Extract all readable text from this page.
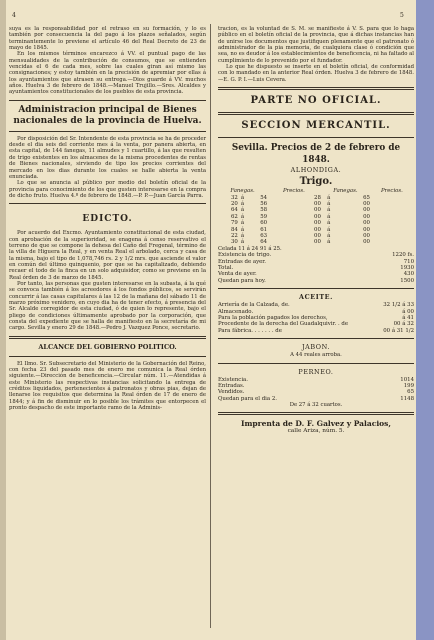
4	5

suya es la responsabilidad por el retraso en su formación, y lo es también por consecuencia la del pago á los plazos señalados, según terminantemente lo previene el artículo 46 del Real Decreto de 23 de mayo de 1845.

En los mismos términos encarezco á VV. el puntual pago de las mensualidades de la contribución de consumos, que se entienden vencidas el 6 de cada mes, sobre las cuales giran así mismo las consignaciones; y estoy también en la precisión de apremiar por ellas á los ayuntamientos que atrasen su entrega.—Dios guarde á VV. muchos años. Huelva 3 de febrero de 1848.—Manuel Trujillo.—Sres. Alcaldes y ayuntamientos constitucionales de los pueblos de esta provincia.

Administracion principal de Bienes nacionales de la provincia de Huelva.

Por disposición del Sr. Intendente de esta provincia se ha de proceder desde el dia seis del corriente mes á la venta, por panera abierta, en esta capital, de 144 fanegas, 11 almudes y 1 cuartillo, á las que resulten de trigo existentes en los almacenes de la misma procedentes de rentas de Bienes nacionales, sirviendo de tipo los precios corrientes del mercado en los dias durante los cuales se halle abierta la venta enunciada.

Lo que se anuncia al público por medio del boletín oficial de la provincia para conocimiento de los que gusten interesarse en la compra de dicho fruto. Huelva 4.º de febrero de 1848.—P. P.—Juan García Parra.

EDICTO.

Por acuerdo del Excmo. Ayuntamiento constitucional de esta ciudad, con aprobación de la superioridad, se enagena á censo reservativo el terreno de que se compone la dehesa del Caño del Fregenal, término de la villa de Higuera la Real, y en venta Real el arbolado, cerca y casa de la misma, bajo el tipo de 1,078,746 rs. 2 y 1/2 mrs. que asciende el valor en común del último quinquenio, por que se ha capitalizado, debiendo recaer el todo de la finca en un solo adquisidor, como se previene en la Real órden de 3 de marzo de 1845.

Por tanto, las personas que gusten interesarse en la subasta, á la qué se convoca también á los acreedores á los fondos públicos, se servirán concurrir á las casas capitulares á las 12 de la mañana del sábado 11 de marzo próximo venidero, en cuyo dia ha de tener efecto, á presencia del Sr. Alcalde corregidor de esta ciudad, ó de quien lo represente, bajo el pliego de condiciones últimamente aprobado por la corporación, que consta del expediente que se halla de manifiesto en la secretaría de mi cargo. Sevilla y enero 29 de 1848.—Pedro J. Vazquez Ponce, secretario.

ALCANCE DEL GOBIERNO POLITICO.

El Ilmo. Sr. Subsecretario del Ministerio de la Gobernación del Reino, con fecha 23 del pasado mes de enero me comunica la Real órden siguiente.—Dirección de beneficencia.—Circular núm. 11.—Atendidas á este Ministerio las respectivas instancias solicitando la entrega de créditos liquidados, pertenecientes á patronatos y obras pias, dejan de llenarse los requisitos que determina la Real órden de 17 de enero de 1844; y á fin de disminuir en lo posible los trámites que entorpecen el pronto despacho de este importante ramo de la Adminis-

tracion, es la voluntad de S. M. se manifieste á V. S. para que lo haga público en el boletín oficial de la provincia, que á dichas instancias han de unirse los documentos que justifiquen plenamente que el patronato ó administrador de la pia memoria, de cualquiera clase ó condición que sea, no es deudor á los establecimientos de beneficencia, ni ha faltado al cumplimiento de lo prevenido por el fundador.

Lo que he dispuesto se inserte en el boletín oficial, de conformidad con lo mandado en la anterior Real órden. Huelva 3 de febrero de 1848.—E. G. P. I.—Luis Cevera.

PARTE NO OFICIAL.
SECCION MERCANTIL.
Sevilla. Precios de 2 de febrero de 1848.
ALHONDIGA.
Trigo.
Fanegas.			Precios.		Fanegas.		Precios.
32	á	54		28	á	65	
20	á	56		00	á	00	
64	á	58		00	á	00	
62	á	59		00	á	00	
79	á	60		00	á	00	
84	á	61		00	á	00	
22	á	63		00	á	00	
30	á	64		00	á	00	

Celada 11 á 24 91 á 25.

Existencia de trigo.	1220 fs.
Entradas de ayer.	710
Total.	1930
Venta de ayer.	430
Quedan para hoy.	1500
ACEITE.
Arriería de la Calzada, de.	32 1/2 á 33
Almacenado.	á 00
Para la población pagados los derechos,	á 41
Procedente de la derecha del Guadalquivir. . de	00 á 32
Para fábrica. . . . . . . de	00 á 31 1/2
JABON.

A 44 reales arroba.

PERNEO.
Existencia.	1014
Entradas.	199
Vendidos.	65
Quedan para el dia 2.	1148

De 27 á 32 cuartos.

Imprenta de D. F. Galvez y Palacios,
calle Ariza, núm. 5.
